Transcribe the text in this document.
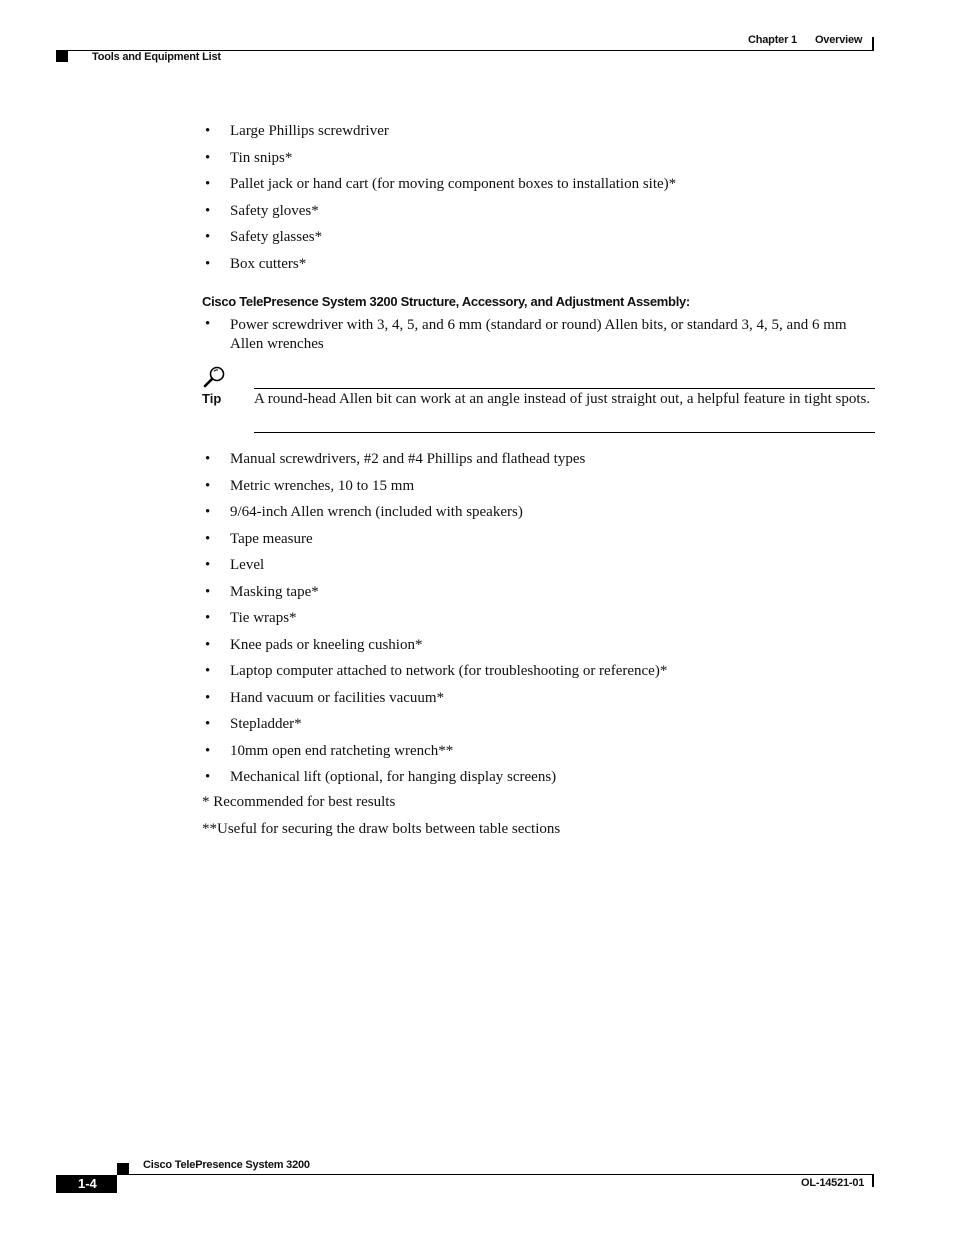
Chapter 1 Overview
Tools and Equipment List
• Large Phillips screwdriver
• Tin snips*
• Pallet jack or hand cart (for moving component boxes to installation site)*
• Safety gloves*
• Safety glasses*
• Box cutters*
Cisco TelePresence System 3200 Structure, Accessory, and Adjustment Assembly:
• Power screwdriver with 3, 4, 5, and 6 mm (standard or round) Allen bits, or standard 3, 4, 5, and 6 mm Allen wrenches
Tip A round-head Allen bit can work at an angle instead of just straight out, a helpful feature in tight spots.
• Manual screwdrivers, #2 and #4 Phillips and flathead types
• Metric wrenches, 10 to 15 mm
• 9/64-inch Allen wrench (included with speakers)
• Tape measure
• Level
• Masking tape*
• Tie wraps*
• Knee pads or kneeling cushion*
• Laptop computer attached to network (for troubleshooting or reference)*
• Hand vacuum or facilities vacuum*
• Stepladder*
• 10mm open end ratcheting wrench**
• Mechanical lift (optional, for hanging display screens)
* Recommended for best results
**Useful for securing the draw bolts between table sections
Cisco TelePresence System 3200
1-4	OL-14521-01
